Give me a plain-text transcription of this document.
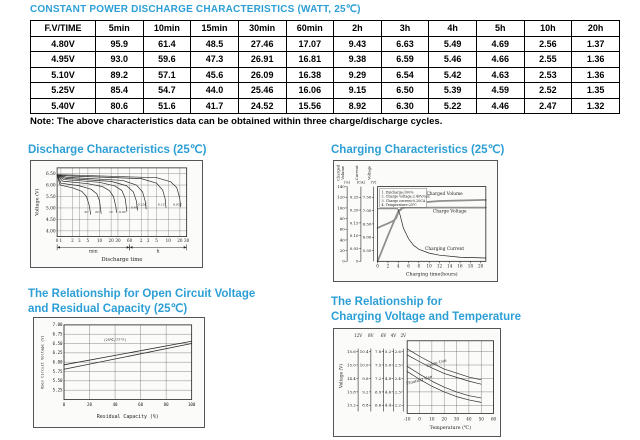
CONSTANT POWER DISCHARGE CHARACTERISTICS (WATT, 25℃)
F.V/TIME	5min	10min	15min	30min	60min	2h	3h	4h	5h	10h	20h
4.80V	95.9	61.4	48.5	27.46	17.07	9.43	6.63	5.49	4.69	2.56	1.37
4.95V	93.0	59.6	47.3	26.91	16.81	9.38	6.59	5.46	4.66	2.55	1.36
5.10V	89.2	57.1	45.6	26.09	16.38	9.29	6.54	5.42	4.63	2.53	1.36
5.25V	85.4	54.7	44.0	25.46	16.06	9.15	6.50	5.39	4.59	2.52	1.35
5.40V	80.6	51.6	41.7	24.52	15.56	8.92	6.30	5.22	4.46	2.47	1.32
Note: The above characteristics data can be obtained within three charge/discharge cycles.
Discharge Characteristics (25℃)
3C 2C	1C 0.6C
0.4C
0.25C	0.1C 0.05C
6.50
6.00
5.50
5.00
4.50
4.00
Voltage (V)
0 1 2 3 5 10 20 30 60 2 3 5 10 20 30
min	h
Discharge time
Charging Characteristics (25℃)
140
120
100
80
60
40
20
0
Charged Volume
(%)
0.25
0.20
0.15
0.10
0.05
0
Current
(CA)
7.50
7.00
6.50
6.00
5.50
Voltage
(V)
Charged Volume
Charge Voltage
Charging Current
1. Discharge:100%
2. Charge voltage:2.40V/cell
3. Charge current:0.20CA
4. Temperature:25℃
0 2 4 6 8 10 12 14 16 18 20
Charging time(hours)
The Relationship for Open Circuit Voltage
and Residual Capacity (25℃)
(25℃/77°F)
7.00
6.75
6.50
6.25
6.00
5.75
5.50
5.25
0	20	40	60	80	100
Open Circuit Voltage (V)
Residual Capacity (%)
The Relationship for
Charging Voltage and Temperature
12V
15.6
15.0
14.4
13.8
13.2
8V
10.4
10.0
9.6
9.2
8.8
6V
7.8
7.5
7.2
6.9
6.6
4V
5.2
5.0
4.8
4.6
4.4
2V
2.6
2.5
2.4
2.3
2.2
Voltage (V)
Cycle Use
Floating Use
-10 0 10 20 30 40 50 60
Temperature (℃)
